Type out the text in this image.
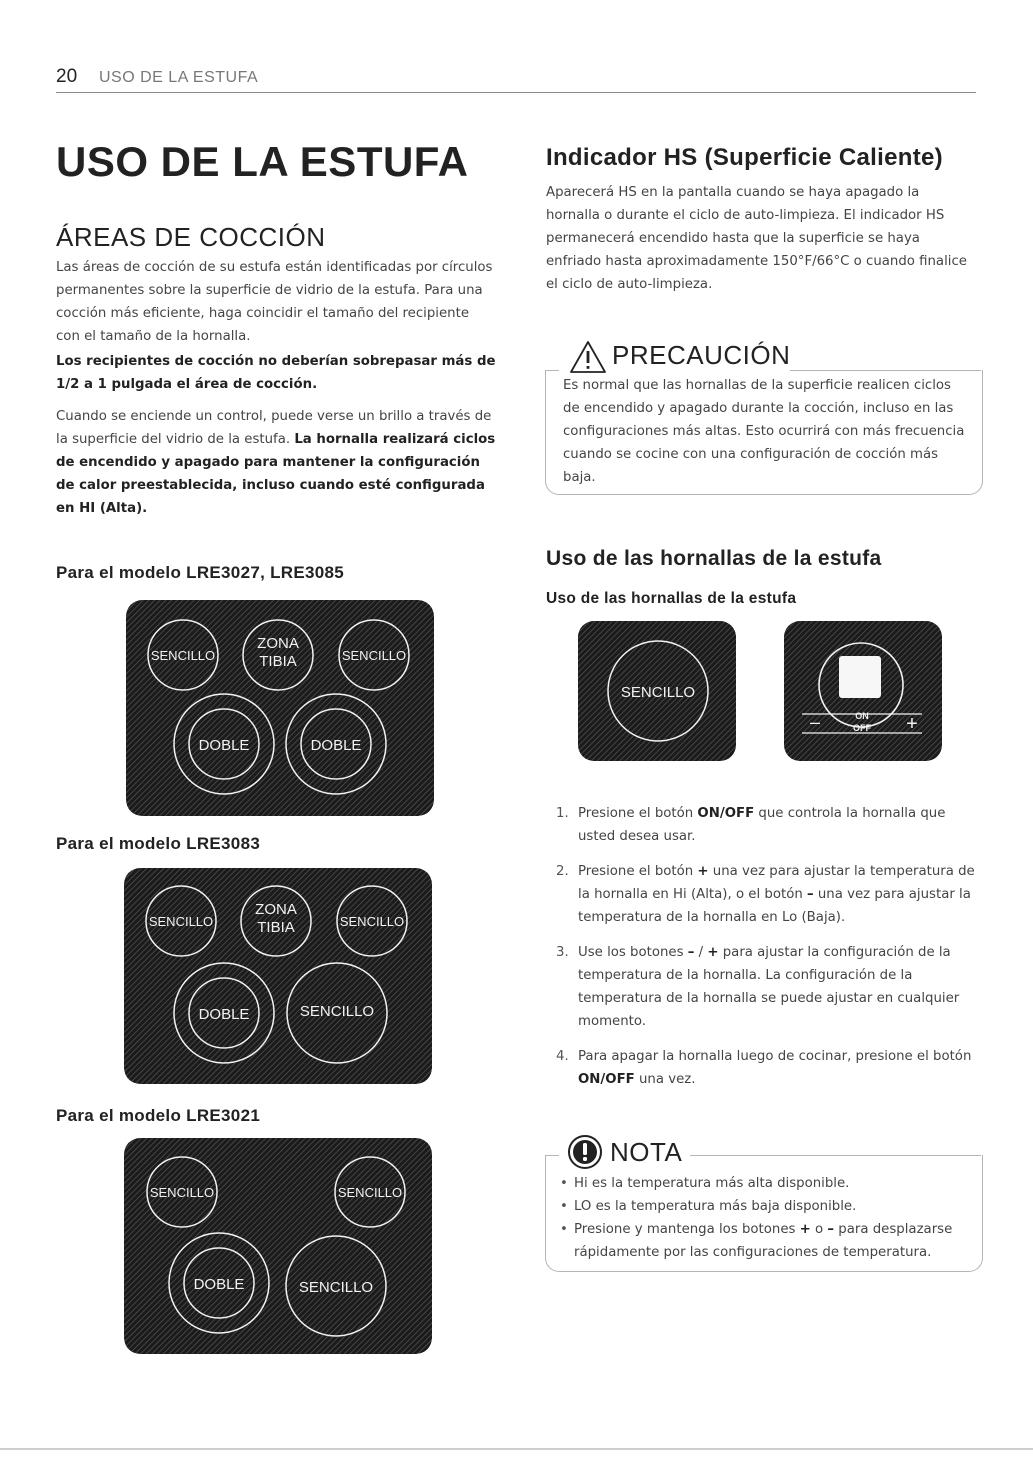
20 USO DE LA ESTUFA
USO DE LA ESTUFA
ÁREAS DE COCCIÓN

Las áreas de cocción de su estufa están identificadas por círculos permanentes sobre la superficie de vidrio de la estufa. Para una cocción más eficiente, haga coincidir el tamaño del recipiente con el tamaño de la hornalla.

Los recipientes de cocción no deberían sobrepasar más de 1/2 a 1 pulgada el área de cocción.

Cuando se enciende un control, puede verse un brillo a través de la superficie del vidrio de la estufa. La hornalla realizará ciclos de encendido y apagado para mantener la configuración de calor preestablecida, incluso cuando esté configurada en HI (Alta).

Para el modelo LRE3027, LRE3085
SENCILLO
ZONA
TIBIA	SENCILLO
DOBLE	DOBLE
Para el modelo LRE3083
SENCILLO
ZONA
TIBIA	SENCILLO
DOBLE	SENCILLO
Para el modelo LRE3021
SENCILLO	SENCILLO
DOBLE	SENCILLO
Indicador HS (Superficie Caliente)

Aparecerá HS en la pantalla cuando se haya apagado la hornalla o durante el ciclo de auto-limpieza. El indicador HS permanecerá encendido hasta que la superficie se haya enfriado hasta aproximadamente 150°F/66°C o cuando finalice el ciclo de auto-limpieza.

PRECAUCIÓN

Es normal que las hornallas de la superficie realicen ciclos de encendido y apagado durante la cocción, incluso en las configuraciones más altas. Esto ocurrirá con más frecuencia cuando se cocine con una configuración de cocción más baja.

Uso de las hornallas de la estufa
Uso de las hornallas de la estufa
SENCILLO
ON
OFF
–	+
1. Presione el botón ON/OFF que controla la hornalla que usted desea usar.
2. Presione el botón + una vez para ajustar la temperatura de la hornalla en Hi (Alta), o el botón – una vez para ajustar la temperatura de la hornalla en Lo (Baja).
3. Use los botones – / + para ajustar la configuración de la temperatura de la hornalla. La configuración de la temperatura de la hornalla se puede ajustar en cualquier momento.
4. Para apagar la hornalla luego de cocinar, presione el botón ON/OFF una vez.
NOTA
• Hi es la temperatura más alta disponible.
• LO es la temperatura más baja disponible.
• Presione y mantenga los botones + o – para desplazarse rápidamente por las configuraciones de temperatura.
